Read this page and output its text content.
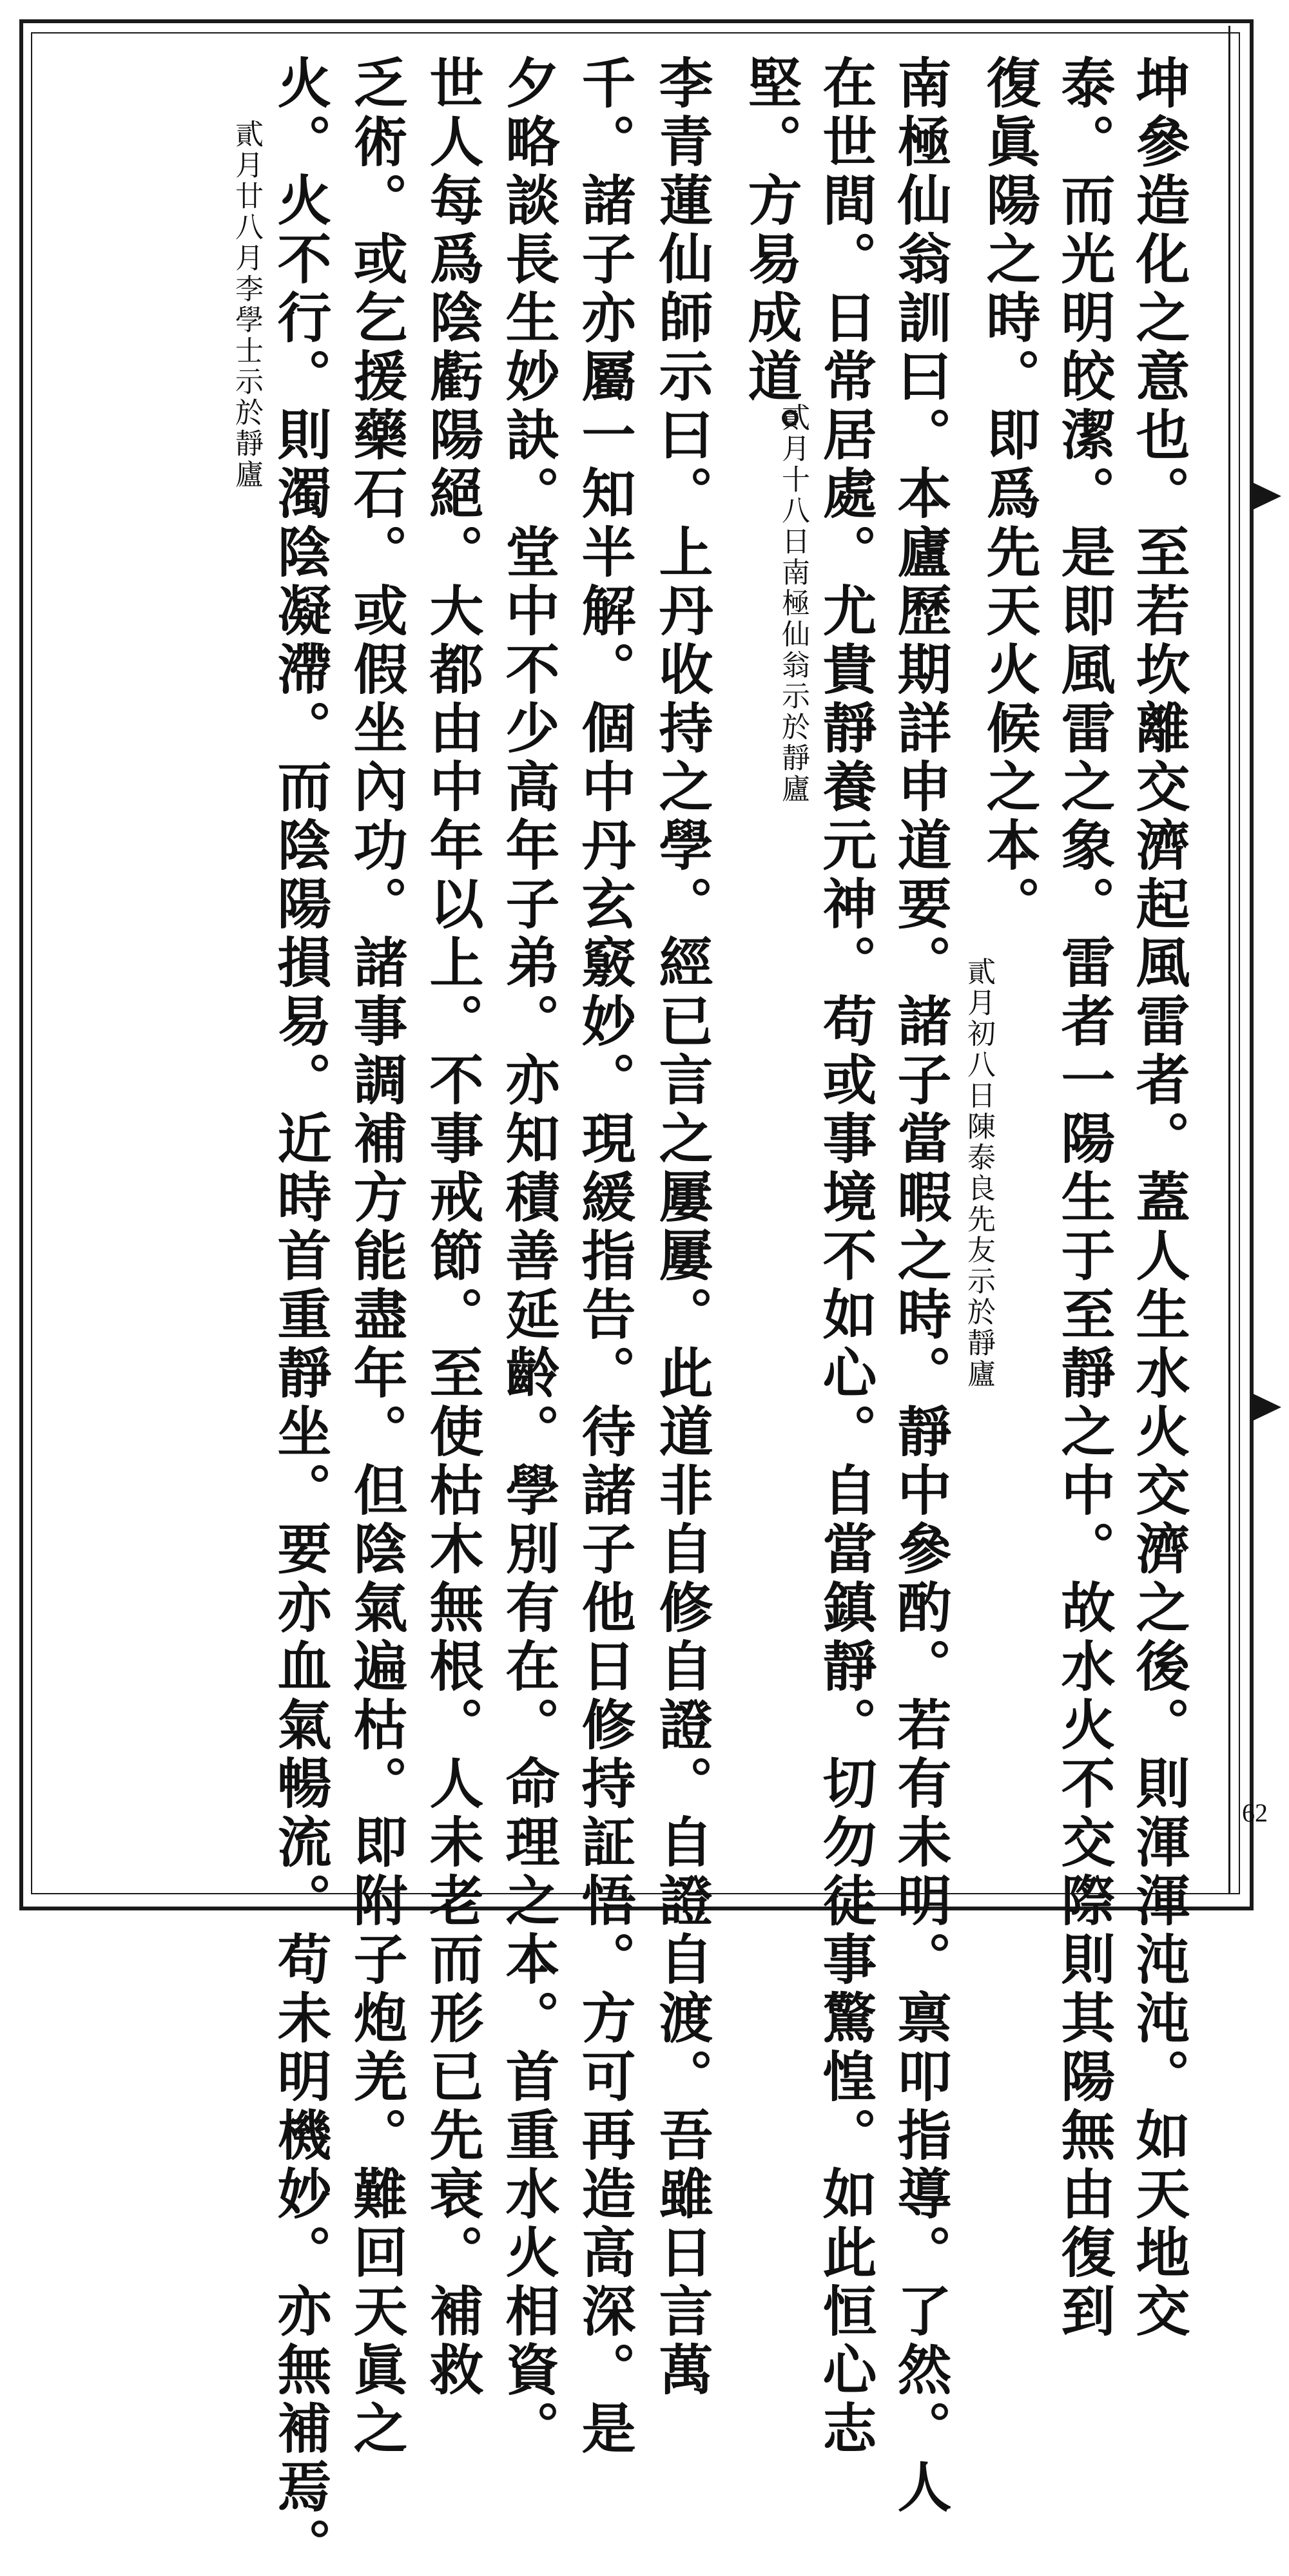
62
坤參造化之意也。至若坎離交濟起風雷者。蓋人生水火交濟之後。則渾渾沌沌。如天地交
泰。而光明皎潔。是即風雷之象。雷者一陽生于至靜之中。故水火不交際則其陽無由復到
復眞陽之時。即爲先天火候之本。
貳月初八日陳泰良先友示於靜廬
南極仙翁訓曰。本廬歷期詳申道要。諸子當暇之時。靜中參酌。若有未明。禀叩指導。了然。人
在世間。日常居處。尤貴靜養元神。苟或事境不如心。自當鎮靜。切勿徒事驚惶。如此恒心志
堅。方易成道。
貳月十八日南極仙翁示於靜廬
李青蓮仙師示曰。上丹收持之學。經已言之屢屢。此道非自修自證。自證自渡。吾雖日言萬
千。諸子亦屬一知半解。個中丹玄竅妙。現緩指告。待諸子他日修持証悟。方可再造高深。是
夕略談長生妙訣。堂中不少高年子弟。亦知積善延齡。學別有在。命理之本。首重水火相資。
世人每爲陰虧陽絕。大都由中年以上。不事戒節。至使枯木無根。人未老而形已先衰。補救
乏術。或乞援藥石。或假坐內功。諸事調補方能盡年。但陰氣遍枯。即附子炮羌。難回天眞之
火。火不行。則濁陰凝滯。而陰陽損易。近時首重靜坐。要亦血氣暢流。苟未明機妙。亦無補焉。
貳月廿八月李學士示於靜廬
